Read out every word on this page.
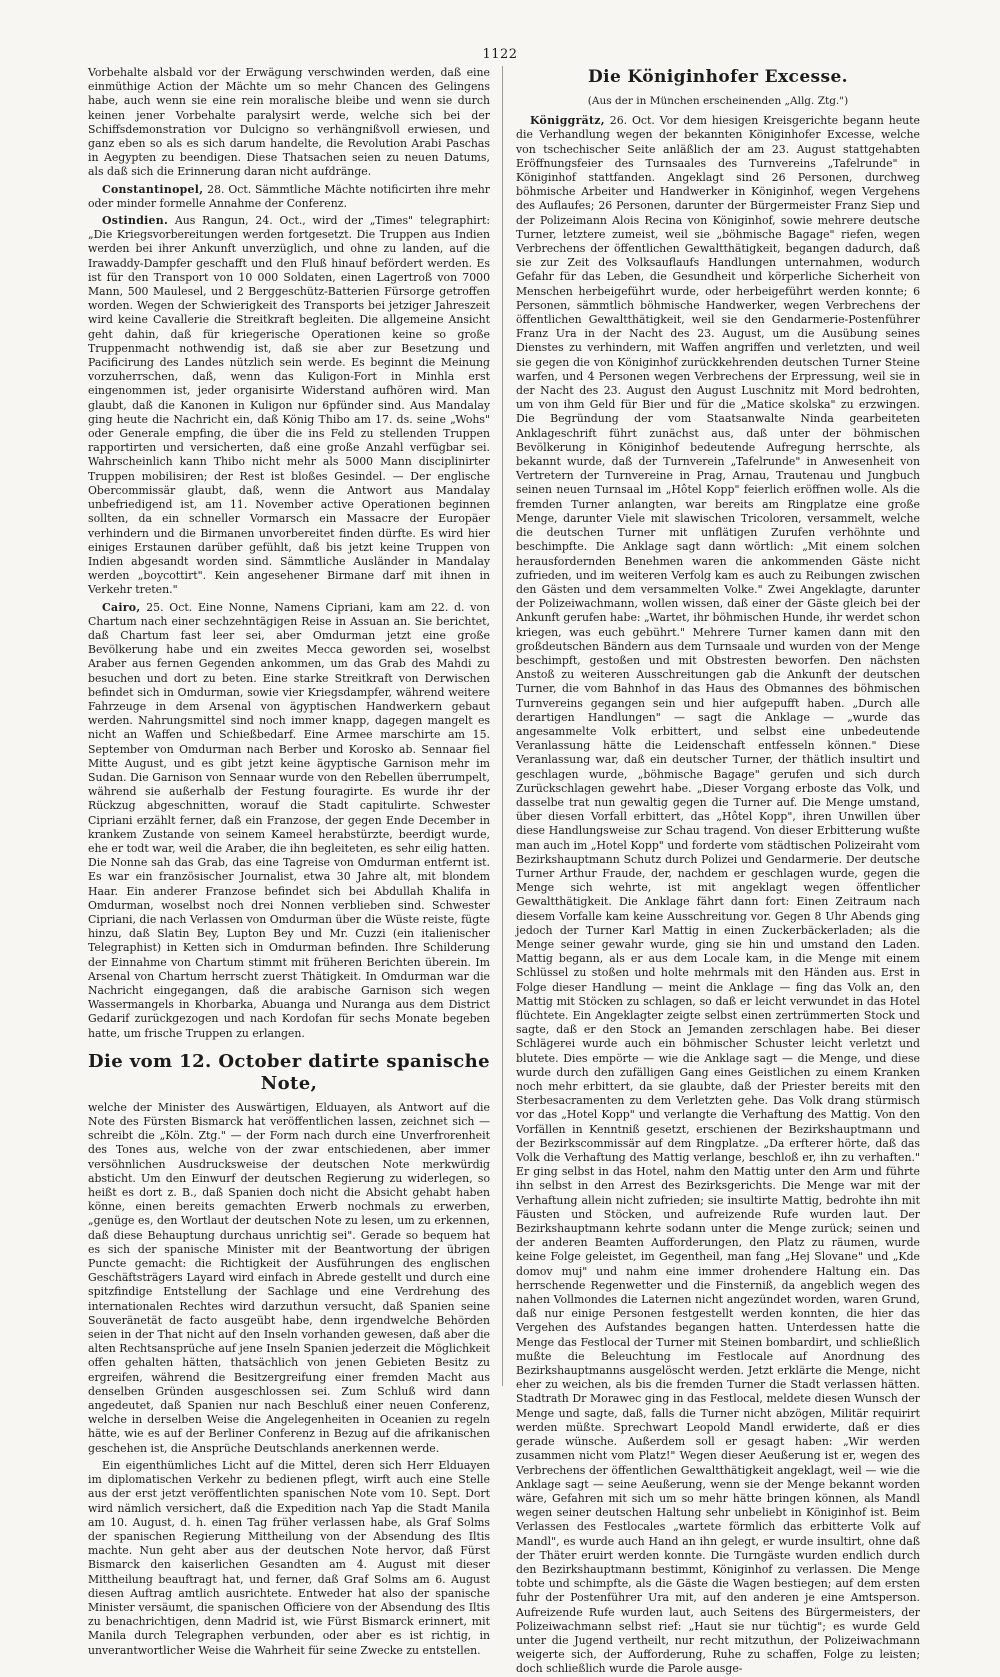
1122

Vorbehalte alsbald vor der Erwägung verschwinden werden, daß eine einmüthige Action der Mächte um so mehr Chancen des Gelingens habe, auch wenn sie eine rein moralische bleibe und wenn sie durch keinen jener Vorbehalte paralysirt werde, welche sich bei der Schiffsdemonstration vor Dulcigno so verhängnißvoll erwiesen, und ganz eben so als es sich darum handelte, die Revolution Arabi Paschas in Aegypten zu beendigen. Diese Thatsachen seien zu neuen Datums, als daß sich die Erinnerung daran nicht aufdränge.

Constantinopel, 28. Oct. Sämmtliche Mächte notificirten ihre mehr oder minder formelle Annahme der Conferenz.

Ostindien. Aus Rangun, 24. Oct., wird der „Times" telegraphirt: „Die Kriegsvorbereitungen werden fortgesetzt. Die Truppen aus Indien werden bei ihrer Ankunft unverzüglich, und ohne zu landen, auf die Irawaddy-Dampfer geschafft und den Fluß hinauf befördert werden. Es ist für den Transport von 10 000 Soldaten, einen Lagertroß von 7000 Mann, 500 Maulesel, und 2 Berggeschütz-Batterien Fürsorge getroffen worden. Wegen der Schwierigkeit des Transports bei jetziger Jahreszeit wird keine Cavallerie die Streitkraft begleiten. Die allgemeine Ansicht geht dahin, daß für kriegerische Operationen keine so große Truppenmacht nothwendig ist, daß sie aber zur Besetzung und Pacificirung des Landes nützlich sein werde. Es beginnt die Meinung vorzuherrschen, daß, wenn das Kuligon-Fort in Minhla erst eingenommen ist, jeder organisirte Widerstand aufhören wird. Man glaubt, daß die Kanonen in Kuligon nur 6pfünder sind. Aus Mandalay ging heute die Nachricht ein, daß König Thibo am 17. ds. seine „Wohs" oder Generale empfing, die über die ins Feld zu stellenden Truppen rapportirten und versicherten, daß eine große Anzahl verfügbar sei. Wahrscheinlich kann Thibo nicht mehr als 5000 Mann disciplinirter Truppen mobilisiren; der Rest ist bloßes Gesindel. — Der englische Obercommissär glaubt, daß, wenn die Antwort aus Mandalay unbefriedigend ist, am 11. November active Operationen beginnen sollten, da ein schneller Vormarsch ein Massacre der Europäer verhindern und die Birmanen unvorbereitet finden dürfte. Es wird hier einiges Erstaunen darüber gefühlt, daß bis jetzt keine Truppen von Indien abgesandt worden sind. Sämmtliche Ausländer in Mandalay werden „boycottirt". Kein angesehener Birmane darf mit ihnen in Verkehr treten."

Cairo, 25. Oct. Eine Nonne, Namens Cipriani, kam am 22. d. von Chartum nach einer sechzehntägigen Reise in Assuan an. Sie berichtet, daß Chartum fast leer sei, aber Omdurman jetzt eine große Bevölkerung habe und ein zweites Mecca geworden sei, woselbst Araber aus fernen Gegenden ankommen, um das Grab des Mahdi zu besuchen und dort zu beten. Eine starke Streitkraft von Derwischen befindet sich in Omdurman, sowie vier Kriegsdampfer, während weitere Fahrzeuge in dem Arsenal von ägyptischen Handwerkern gebaut werden. Nahrungsmittel sind noch immer knapp, dagegen mangelt es nicht an Waffen und Schießbedarf. Eine Armee marschirte am 15. September von Omdurman nach Berber und Korosko ab. Sennaar fiel Mitte August, und es gibt jetzt keine ägyptische Garnison mehr im Sudan. Die Garnison von Sennaar wurde von den Rebellen überrumpelt, während sie außerhalb der Festung fouragirte. Es wurde ihr der Rückzug abgeschnitten, worauf die Stadt capitulirte. Schwester Cipriani erzählt ferner, daß ein Franzose, der gegen Ende December in krankem Zustande von seinem Kameel herabstürzte, beerdigt wurde, ehe er todt war, weil die Araber, die ihn begleiteten, es sehr eilig hatten. Die Nonne sah das Grab, das eine Tagreise von Omdurman entfernt ist. Es war ein französischer Journalist, etwa 30 Jahre alt, mit blondem Haar. Ein anderer Franzose befindet sich bei Abdullah Khalifa in Omdurman, woselbst noch drei Nonnen verblieben sind. Schwester Cipriani, die nach Verlassen von Omdurman über die Wüste reiste, fügte hinzu, daß Slatin Bey, Lupton Bey und Mr. Cuzzi (ein italienischer Telegraphist) in Ketten sich in Omdurman befinden. Ihre Schilderung der Einnahme von Chartum stimmt mit früheren Berichten überein. Im Arsenal von Chartum herrscht zuerst Thätigkeit. In Omdurman war die Nachricht eingegangen, daß die arabische Garnison sich wegen Wassermangels in Khorbarka, Abuanga und Nuranga aus dem District Gedarif zurückgezogen und nach Kordofan für sechs Monate begeben hatte, um frische Truppen zu erlangen.

Die vom 12. October datirte spanische Note,

welche der Minister des Auswärtigen, Elduayen, als Antwort auf die Note des Fürsten Bismarck hat veröffentlichen lassen, zeichnet sich — schreibt die „Köln. Ztg." — der Form nach durch eine Unverfrorenheit des Tones aus, welche von der zwar entschiedenen, aber immer versöhnlichen Ausdrucksweise der deutschen Note merkwürdig absticht. Um den Einwurf der deutschen Regierung zu widerlegen, so heißt es dort z. B., daß Spanien doch nicht die Absicht gehabt haben könne, einen bereits gemachten Erwerb nochmals zu erwerben, „genüge es, den Wortlaut der deutschen Note zu lesen, um zu erkennen, daß diese Behauptung durchaus unrichtig sei". Gerade so bequem hat es sich der spanische Minister mit der Beantwortung der übrigen Puncte gemacht: die Richtigkeit der Ausführungen des englischen Geschäftsträgers Layard wird einfach in Abrede gestellt und durch eine spitzfindige Entstellung der Sachlage und eine Verdrehung des internationalen Rechtes wird darzuthun versucht, daß Spanien seine Souveränetät de facto ausgeübt habe, denn irgendwelche Behörden seien in der That nicht auf den Inseln vorhanden gewesen, daß aber die alten Rechtsansprüche auf jene Inseln Spanien jederzeit die Möglichkeit offen gehalten hätten, thatsächlich von jenen Gebieten Besitz zu ergreifen, während die Besitzergreifung einer fremden Macht aus denselben Gründen ausgeschlossen sei. Zum Schluß wird dann angedeutet, daß Spanien nur nach Beschluß einer neuen Conferenz, welche in derselben Weise die Angelegenheiten in Oceanien zu regeln hätte, wie es auf der Berliner Conferenz in Bezug auf die afrikanischen geschehen ist, die Ansprüche Deutschlands anerkennen werde.

Ein eigenthümliches Licht auf die Mittel, deren sich Herr Elduayen im diplomatischen Verkehr zu bedienen pflegt, wirft auch eine Stelle aus der erst jetzt veröffentlichten spanischen Note vom 10. Sept. Dort wird nämlich versichert, daß die Expedition nach Yap die Stadt Manila am 10. August, d. h. einen Tag früher verlassen habe, als Graf Solms der spanischen Regierung Mittheilung von der Absendung des Iltis machte. Nun geht aber aus der deutschen Note hervor, daß Fürst Bismarck den kaiserlichen Gesandten am 4. August mit dieser Mittheilung beauftragt hat, und ferner, daß Graf Solms am 6. August diesen Auftrag amtlich ausrichtete. Entweder hat also der spanische Minister versäumt, die spanischen Officiere von der Absendung des Iltis zu benachrichtigen, denn Madrid ist, wie Fürst Bismarck erinnert, mit Manila durch Telegraphen verbunden, oder aber es ist richtig, in unverantwortlicher Weise die Wahrheit für seine Zwecke zu entstellen.

Die Königinhofer Excesse.

(Aus der in München erscheinenden „Allg. Ztg.")

Königgrätz, 26. Oct. Vor dem hiesigen Kreisgerichte begann heute die Verhandlung wegen der bekannten Königinhofer Excesse, welche von tschechischer Seite anläßlich der am 23. August stattgehabten Eröffnungsfeier des Turnsaales des Turnvereins „Tafelrunde" in Königinhof stattfanden. Angeklagt sind 26 Personen, durchweg böhmische Arbeiter und Handwerker in Königinhof, wegen Vergehens des Auflaufes; 26 Personen, darunter der Bürgermeister Franz Siep und der Polizeimann Alois Recina von Königinhof, sowie mehrere deutsche Turner, letztere zumeist, weil sie „böhmische Bagage" riefen, wegen Verbrechens der öffentlichen Gewaltthätigkeit, begangen dadurch, daß sie zur Zeit des Volksauflaufs Handlungen unternahmen, wodurch Gefahr für das Leben, die Gesundheit und körperliche Sicherheit von Menschen herbeigeführt wurde, oder herbeigeführt werden konnte; 6 Personen, sämmtlich böhmische Handwerker, wegen Verbrechens der öffentlichen Gewaltthätigkeit, weil sie den Gendarmerie-Postenführer Franz Ura in der Nacht des 23. August, um die Ausübung seines Dienstes zu verhindern, mit Waffen angriffen und verletzten, und weil sie gegen die von Königinhof zurückkehrenden deutschen Turner Steine warfen, und 4 Personen wegen Verbrechens der Erpressung, weil sie in der Nacht des 23. August den August Luschnitz mit Mord bedrohten, um von ihm Geld für Bier und für die „Matice skolska" zu erzwingen. Die Begründung der vom Staatsanwalte Ninda gearbeiteten Anklageschrift führt zunächst aus, daß unter der böhmischen Bevölkerung in Königinhof bedeutende Aufregung herrschte, als bekannt wurde, daß der Turnverein „Tafelrunde" in Anwesenheit von Vertretern der Turnvereine in Prag, Arnau, Trautenau und Jungbuch seinen neuen Turnsaal im „Hôtel Kopp" feierlich eröffnen wolle. Als die fremden Turner anlangten, war bereits am Ringplatze eine große Menge, darunter Viele mit slawischen Tricoloren, versammelt, welche die deutschen Turner mit unflätigen Zurufen verhöhnte und beschimpfte. Die Anklage sagt dann wörtlich: „Mit einem solchen herausfordernden Benehmen waren die ankommenden Gäste nicht zufrieden, und im weiteren Verfolg kam es auch zu Reibungen zwischen den Gästen und dem versammelten Volke." Zwei Angeklagte, darunter der Polizeiwachmann, wollen wissen, daß einer der Gäste gleich bei der Ankunft gerufen habe: „Wartet, ihr böhmischen Hunde, ihr werdet schon kriegen, was euch gebührt." Mehrere Turner kamen dann mit den großdeutschen Bändern aus dem Turnsaale und wurden von der Menge beschimpft, gestoßen und mit Obstresten beworfen. Den nächsten Anstoß zu weiteren Ausschreitungen gab die Ankunft der deutschen Turner, die vom Bahnhof in das Haus des Obmannes des böhmischen Turnvereins gegangen sein und hier aufgepufft haben. „Durch alle derartigen Handlungen" — sagt die Anklage — „wurde das angesammelte Volk erbittert, und selbst eine unbedeutende Veranlassung hätte die Leidenschaft entfesseln können." Diese Veranlassung war, daß ein deutscher Turner, der thätlich insultirt und geschlagen wurde, „böhmische Bagage" gerufen und sich durch Zurückschlagen gewehrt habe. „Dieser Vorgang erboste das Volk, und dasselbe trat nun gewaltig gegen die Turner auf. Die Menge umstand, über diesen Vorfall erbittert, das „Hôtel Kopp", ihren Unwillen über diese Handlungsweise zur Schau tragend. Von dieser Erbitterung wußte man auch im „Hotel Kopp" und forderte vom städtischen Polizeiraht vom Bezirkshauptmann Schutz durch Polizei und Gendarmerie. Der deutsche Turner Arthur Fraude, der, nachdem er geschlagen wurde, gegen die Menge sich wehrte, ist mit angeklagt wegen öffentlicher Gewaltthätigkeit. Die Anklage fährt dann fort: Einen Zeitraum nach diesem Vorfalle kam keine Ausschreitung vor. Gegen 8 Uhr Abends ging jedoch der Turner Karl Mattig in einen Zuckerbäckerladen; als die Menge seiner gewahr wurde, ging sie hin und umstand den Laden. Mattig begann, als er aus dem Locale kam, in die Menge mit einem Schlüssel zu stoßen und holte mehrmals mit den Händen aus. Erst in Folge dieser Handlung — meint die Anklage — fing das Volk an, den Mattig mit Stöcken zu schlagen, so daß er leicht verwundet in das Hotel flüchtete. Ein Angeklagter zeigte selbst einen zertrümmerten Stock und sagte, daß er den Stock an Jemanden zerschlagen habe. Bei dieser Schlägerei wurde auch ein böhmischer Schuster leicht verletzt und blutete. Dies empörte — wie die Anklage sagt — die Menge, und diese wurde durch den zufälligen Gang eines Geistlichen zu einem Kranken noch mehr erbittert, da sie glaubte, daß der Priester bereits mit den Sterbesacramenten zu dem Verletzten gehe. Das Volk drang stürmisch vor das „Hotel Kopp" und verlangte die Verhaftung des Mattig. Von den Vorfällen in Kenntniß gesetzt, erschienen der Bezirkshauptmann und der Bezirkscommissär auf dem Ringplatze. „Da erfterer hörte, daß das Volk die Verhaftung des Mattig verlange, beschloß er, ihn zu verhaften." Er ging selbst in das Hotel, nahm den Mattig unter den Arm und führte ihn selbst in den Arrest des Bezirksgerichts. Die Menge war mit der Verhaftung allein nicht zufrieden; sie insultirte Mattig, bedrohte ihn mit Fäusten und Stöcken, und aufreizende Rufe wurden laut. Der Bezirkshauptmann kehrte sodann unter die Menge zurück; seinen und der anderen Beamten Aufforderungen, den Platz zu räumen, wurde keine Folge geleistet, im Gegentheil, man fang „Hej Slovane" und „Kde domov muj" und nahm eine immer drohendere Haltung ein. Das herrschende Regenwetter und die Finsterniß, da angeblich wegen des nahen Vollmondes die Laternen nicht angezündet worden, waren Grund, daß nur einige Personen festgestellt werden konnten, die hier das Vergehen des Aufstandes begangen hatten. Unterdessen hatte die Menge das Festlocal der Turner mit Steinen bombardirt, und schließlich mußte die Beleuchtung im Festlocale auf Anordnung des Bezirkshauptmanns ausgelöscht werden. Jetzt erklärte die Menge, nicht eher zu weichen, als bis die fremden Turner die Stadt verlassen hätten. Stadtrath Dr Morawec ging in das Festlocal, meldete diesen Wunsch der Menge und sagte, daß, falls die Turner nicht abzögen, Militär requirirt werden müßte. Sprechwart Leopold Mandl erwiderte, daß er dies gerade wünsche. Außerdem soll er gesagt haben: „Wir werden zusammen nicht vom Platz!" Wegen dieser Aeußerung ist er, wegen des Verbrechens der öffentlichen Gewaltthätigkeit angeklagt, weil — wie die Anklage sagt — seine Aeußerung, wenn sie der Menge bekannt worden wäre, Gefahren mit sich um so mehr hätte bringen können, als Mandl wegen seiner deutschen Haltung sehr unbeliebt in Königinhof ist. Beim Verlassen des Festlocales „wartete förmlich das erbitterte Volk auf Mandl", es wurde auch Hand an ihn gelegt, er wurde insultirt, ohne daß der Thäter eruirt werden konnte. Die Turngäste wurden endlich durch den Bezirkshauptmann bestimmt, Königinhof zu verlassen. Die Menge tobte und schimpfte, als die Gäste die Wagen bestiegen; auf dem ersten fuhr der Postenführer Ura mit, auf den anderen je eine Amtsperson. Aufreizende Rufe wurden laut, auch Seitens des Bürgermeisters, der Polizeiwachmann selbst rief: „Haut sie nur tüchtig"; es wurde Geld unter die Jugend vertheilt, nur recht mitzuthun, der Polizeiwachmann weigerte sich, der Aufforderung, Ruhe zu schaffen, Folge zu leisten; doch schließlich wurde die Parole ausge-
